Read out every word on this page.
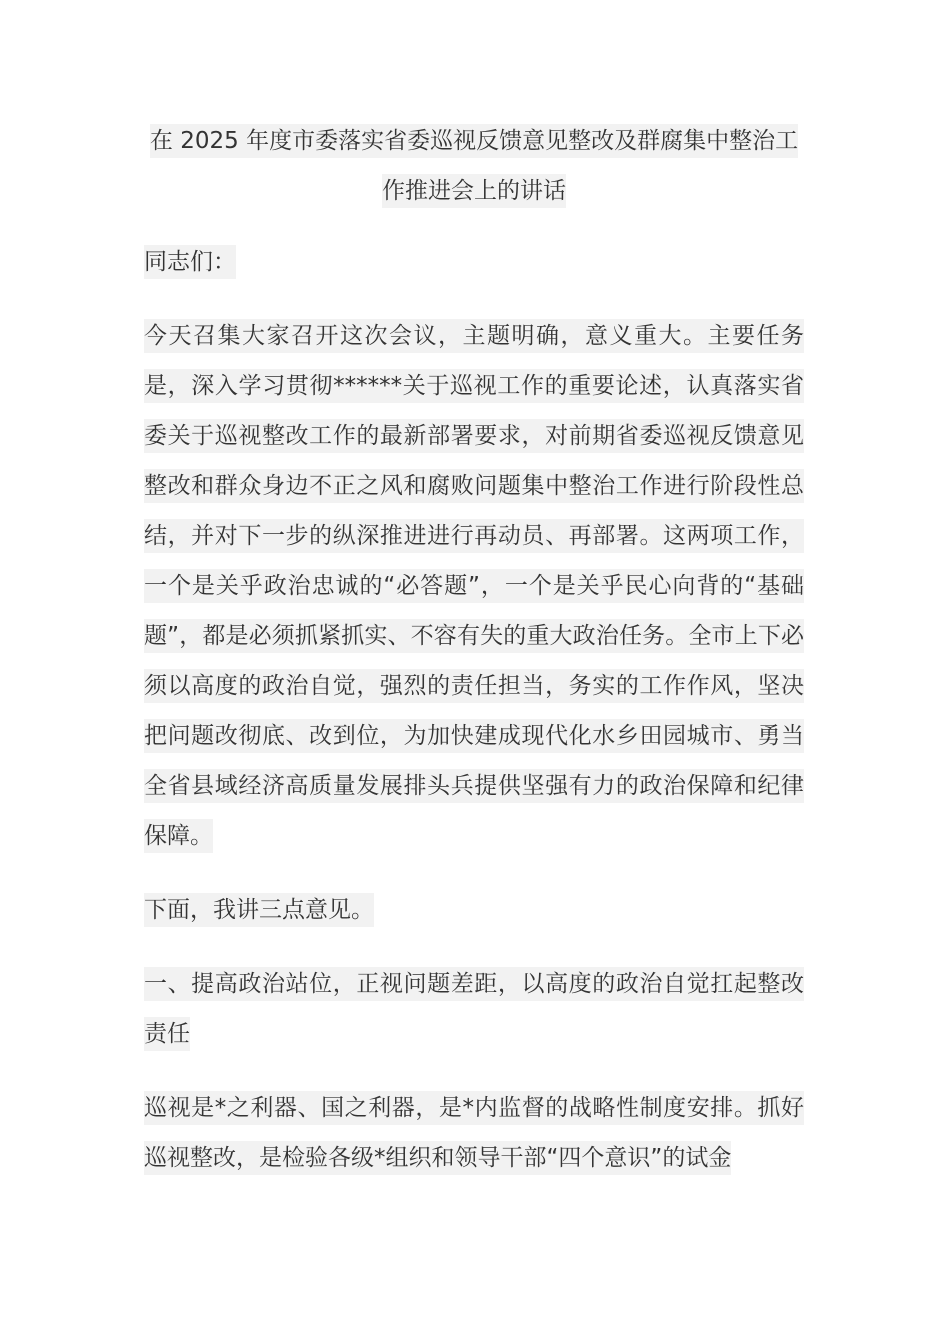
在 2025 年度市委落实省委巡视反馈意见整改及群腐集中整治工作推进会上的讲话

同志们：

今天召集大家召开这次会议，主题明确，意义重大。主要任务是，深入学习贯彻******关于巡视工作的重要论述，认真落实省委关于巡视整改工作的最新部署要求，对前期省委巡视反馈意见整改和群众身边不正之风和腐败问题集中整治工作进行阶段性总结，并对下一步的纵深推进进行再动员、再部署。这两项工作，一个是关乎政治忠诚的“必答题”，一个是关乎民心向背的“基础题”，都是必须抓紧抓实、不容有失的重大政治任务。全市上下必须以高度的政治自觉，强烈的责任担当，务实的工作作风，坚决把问题改彻底、改到位，为加快建成现代化水乡田园城市、勇当全省县域经济高质量发展排头兵提供坚强有力的政治保障和纪律保障。

下面，我讲三点意见。

一、提高政治站位，正视问题差距，以高度的政治自觉扛起整改责任

巡视是*之利器、国之利器，是*内监督的战略性制度安排。抓好巡视整改，是检验各级*组织和领导干部“四个意识”的试金
